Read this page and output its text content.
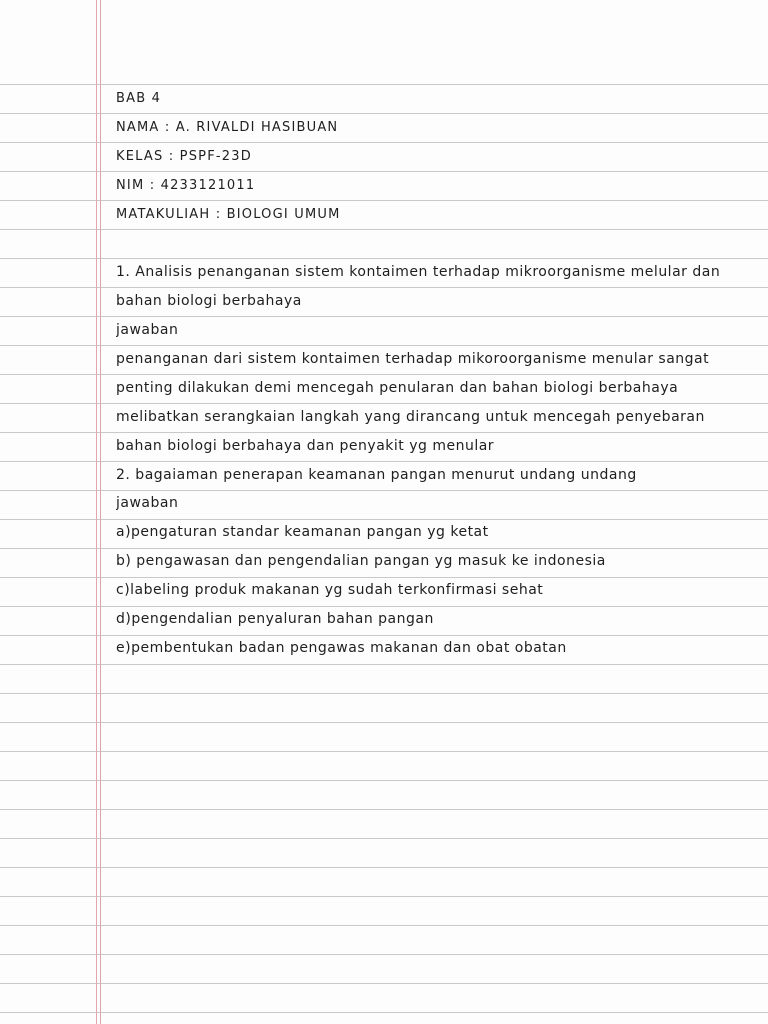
BAB 4
NAMA : A. RIVALDI HASIBUAN
KELAS : PSPF-23D
NIM : 4233121011
MATAKULIAH : BIOLOGI UMUM
1. Analisis penanganan sistem kontaimen terhadap mikroorganisme melular dan
bahan biologi berbahaya
jawaban
penanganan dari sistem kontaimen terhadap mikoroorganisme menular sangat
penting dilakukan demi mencegah penularan dan bahan biologi berbahaya
melibatkan serangkaian langkah yang dirancang untuk mencegah penyebaran
bahan biologi berbahaya dan penyakit yg menular
2. bagaiaman penerapan keamanan pangan menurut undang undang
jawaban
a)pengaturan standar keamanan pangan yg ketat
b) pengawasan dan pengendalian pangan yg masuk ke indonesia
c)labeling produk makanan yg sudah terkonfirmasi sehat
d)pengendalian penyaluran bahan pangan
e)pembentukan badan pengawas makanan dan obat obatan
